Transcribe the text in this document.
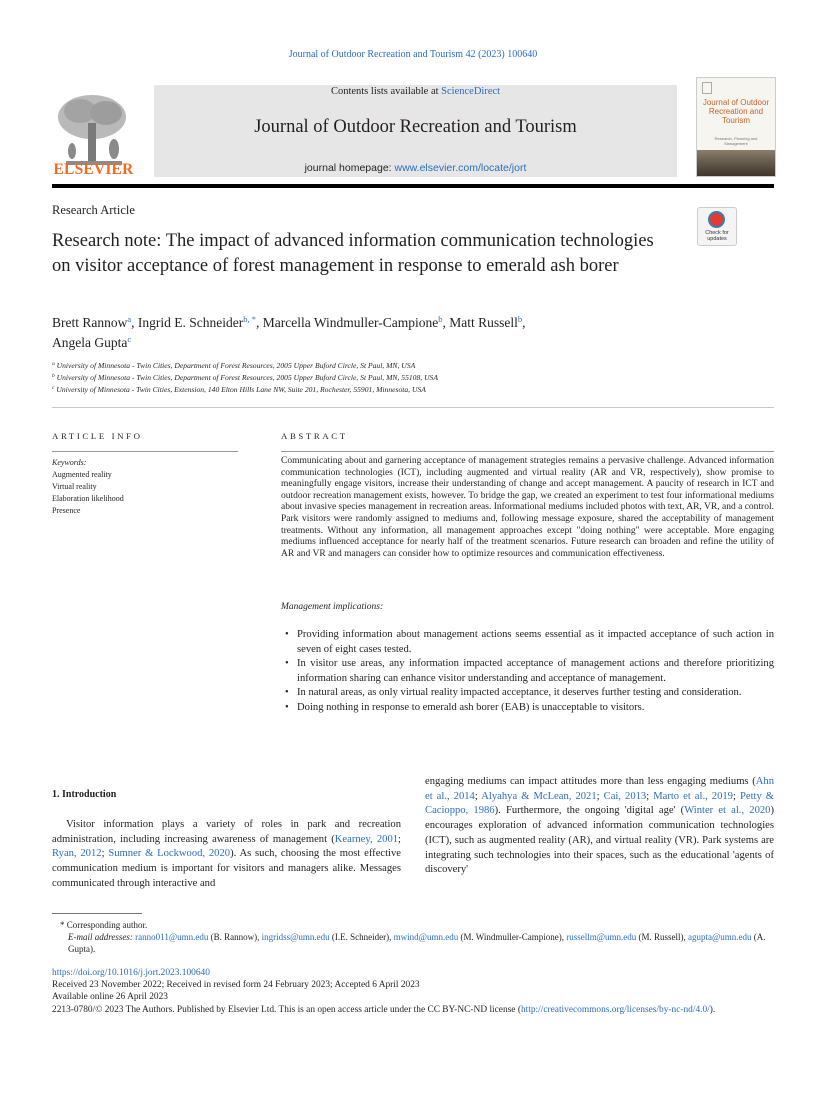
Journal of Outdoor Recreation and Tourism 42 (2023) 100640
ELSEVIER
Contents lists available at ScienceDirect
Journal of Outdoor Recreation and Tourism
journal homepage: www.elsevier.com/locate/jort
Journal of Outdoor Recreation and Tourism
Research, Planning and Management
Research Article
Check for updates
Research note: The impact of advanced information communication technologies on visitor acceptance of forest management in response to emerald ash borer
Brett Rannow$^a$, Ingrid E. Schneider$^{b, *}$, Marcella Windmuller-Campione$^b$, Matt Russell$^b$,
Angela Gupta$^c$
$^a$ University of Minnesota - Twin Cities, Department of Forest Resources, 2005 Upper Buford Circle, St Paul, MN, USA
$^b$ University of Minnesota - Twin Cities, Department of Forest Resources, 2005 Upper Buford Circle, St Paul, MN, 55108, USA
$^c$ University of Minnesota - Twin Cities, Extension, 140 Elton Hills Lane NW, Suite 201, Rochester, 55901, Minnesota, USA
ARTICLE INFO	ABSTRACT
Keywords:
Augmented reality
Virtual reality
Elaboration likelihood
Presence
Communicating about and garnering acceptance of management strategies remains a pervasive challenge. Advanced information communication technologies (ICT), including augmented and virtual reality (AR and VR, respectively), show promise to meaningfully engage visitors, increase their understanding of change and accept management. A paucity of research in ICT and outdoor recreation management exists, however. To bridge the gap, we created an experiment to test four informational mediums about invasive species management in recreation areas. Informational mediums included photos with text, AR, VR, and a control. Park visitors were randomly assigned to mediums and, following message exposure, shared the acceptability of management treatments. Without any information, all management approaches except "doing nothing" were acceptable. More engaging mediums influenced acceptance for nearly half of the treatment scenarios. Future research can broaden and refine the utility of AR and VR and managers can consider how to optimize resources and communication effectiveness.
Management implications:
• Providing information about management actions seems essential as it impacted acceptance of such action in seven of eight cases tested.
• In visitor use areas, any information impacted acceptance of management actions and therefore prioritizing information sharing can enhance visitor understanding and acceptance of management.
• In natural areas, as only virtual reality impacted acceptance, it deserves further testing and consideration.
• Doing nothing in response to emerald ash borer (EAB) is unacceptable to visitors.
1. Introduction
Visitor information plays a variety of roles in park and recreation administration, including increasing awareness of management (Kearney, 2001; Ryan, 2012; Sumner & Lockwood, 2020). As such, choosing the most effective communication medium is important for visitors and managers alike. Messages communicated through interactive and
engaging mediums can impact attitudes more than less engaging mediums (Ahn et al., 2014; Alyahya & McLean, 2021; Cai, 2013; Marto et al., 2019; Petty & Cacioppo, 1986). Furthermore, the ongoing 'digital age' (Winter et al., 2020) encourages exploration of advanced information communication technologies (ICT), such as augmented reality (AR), and virtual reality (VR). Park systems are integrating such technologies into their spaces, such as the educational 'agents of discovery'
* Corresponding author.
E-mail addresses: ranno011@umn.edu (B. Rannow), ingridss@umn.edu (I.E. Schneider), mwind@umn.edu (M. Windmuller-Campione), russellm@umn.edu (M. Russell), agupta@umn.edu (A. Gupta).
https://doi.org/10.1016/j.jort.2023.100640
Received 23 November 2022; Received in revised form 24 February 2023; Accepted 6 April 2023
Available online 26 April 2023
2213-0780/© 2023 The Authors. Published by Elsevier Ltd. This is an open access article under the CC BY-NC-ND license (http://creativecommons.org/licenses/by-nc-nd/4.0/).
